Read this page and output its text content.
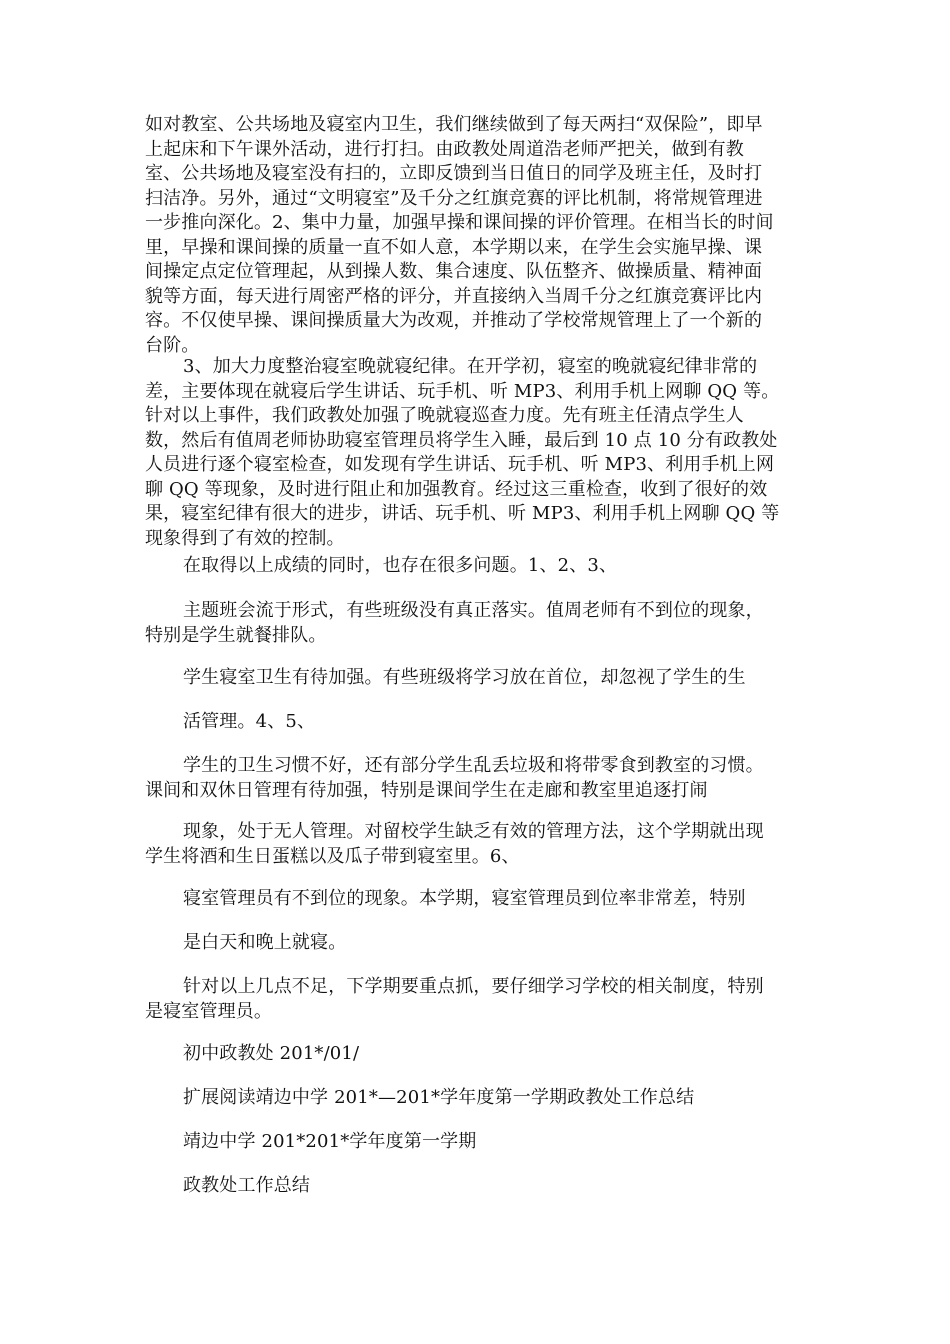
如对教室、公共场地及寝室内卫生，我们继续做到了每天两扫“双保险”，即早
上起床和下午课外活动，进行打扫。由政教处周道浩老师严把关，做到有教
室、公共场地及寝室没有扫的，立即反馈到当日值日的同学及班主任，及时打
扫洁净。另外，通过“文明寝室”及千分之红旗竞赛的评比机制，将常规管理进
一步推向深化。2、集中力量，加强早操和课间操的评价管理。在相当长的时间
里，早操和课间操的质量一直不如人意，本学期以来，在学生会实施早操、课
间操定点定位管理起，从到操人数、集合速度、队伍整齐、做操质量、精神面
貌等方面，每天进行周密严格的评分，并直接纳入当周千分之红旗竞赛评比内
容。不仅使早操、课间操质量大为改观，并推动了学校常规管理上了一个新的
台阶。
3、加大力度整治寝室晚就寝纪律。在开学初，寝室的晚就寝纪律非常的
差，主要体现在就寝后学生讲话、玩手机、听 MP3、利用手机上网聊 QQ 等。
针对以上事件，我们政教处加强了晚就寝巡查力度。先有班主任清点学生人
数，然后有值周老师协助寝室管理员将学生入睡，最后到 10 点 10 分有政教处
人员进行逐个寝室检查，如发现有学生讲话、玩手机、听 MP3、利用手机上网
聊 QQ 等现象，及时进行阻止和加强教育。经过这三重检查，收到了很好的效
果，寝室纪律有很大的进步，讲话、玩手机、听 MP3、利用手机上网聊 QQ 等
现象得到了有效的控制。
在取得以上成绩的同时，也存在很多问题。1、2、3、
主题班会流于形式，有些班级没有真正落实。值周老师有不到位的现象，
特别是学生就餐排队。
学生寝室卫生有待加强。有些班级将学习放在首位，却忽视了学生的生
活管理。4、5、
学生的卫生习惯不好，还有部分学生乱丢垃圾和将带零食到教室的习惯。
课间和双休日管理有待加强，特别是课间学生在走廊和教室里追逐打闹
现象，处于无人管理。对留校学生缺乏有效的管理方法，这个学期就出现
学生将酒和生日蛋糕以及瓜子带到寝室里。6、
寝室管理员有不到位的现象。本学期，寝室管理员到位率非常差，特别
是白天和晚上就寝。
针对以上几点不足，下学期要重点抓，要仔细学习学校的相关制度，特别
是寝室管理员。
初中政教处 201*/01/
扩展阅读靖边中学 201*—201*学年度第一学期政教处工作总结
靖边中学 201*201*学年度第一学期
政教处工作总结
